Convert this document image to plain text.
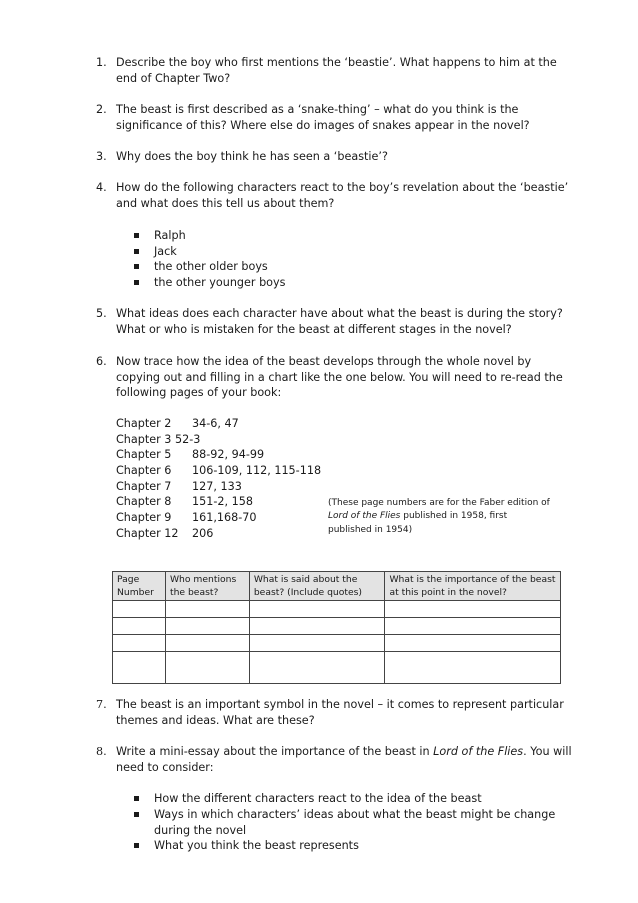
1. Describe the boy who first mentions the ‘beastie’. What happens to him at the end of Chapter Two?
2. The beast is first described as a ‘snake-thing’ – what do you think is the significance of this? Where else do images of snakes appear in the novel?
3. Why does the boy think he has seen a ‘beastie’?
4. How do the following characters react to the boy’s revelation about the ‘beastie’ and what does this tell us about them?
Ralph
Jack
the other older boys
the other younger boys
5. What ideas does each character have about what the beast is during the story? What or who is mistaken for the beast at different stages in the novel?
6. Now trace how the idea of the beast develops through the whole novel by copying out and filling in a chart like the one below. You will need to re-read the following pages of your book:
Chapter 2 34-6, 47
Chapter 3 52-3
Chapter 5 88-92, 94-99
Chapter 6 106-109, 112, 115-118
Chapter 7 127, 133
Chapter 8 151-2, 158
Chapter 9 161,168-70
Chapter 12 206
(These page numbers are for the Faber edition of Lord of the Flies published in 1958, first published in 1954)
Page Number	Who mentions the beast?	What is said about the beast? (Include quotes)	What is the importance of the beast at this point in the novel?

7. The beast is an important symbol in the novel – it comes to represent particular themes and ideas. What are these?
8. Write a mini-essay about the importance of the beast in Lord of the Flies. You will need to consider:
How the different characters react to the idea of the beast
Ways in which characters’ ideas about what the beast might be change during the novel
What you think the beast represents
